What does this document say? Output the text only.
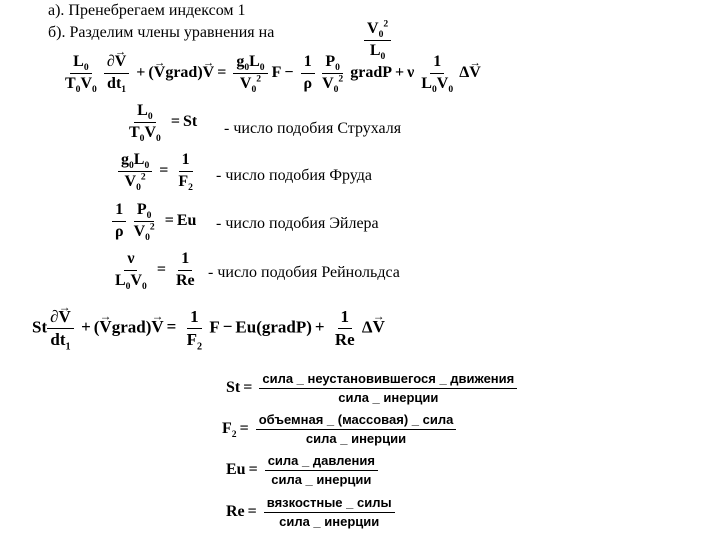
а). Пренебрегаем индексом 1
б). Разделим члены уравнения на	$\frac{V_0^2}{L_0}$
$\frac{L_0}{T_0V_0}$
$\frac{\partial\to V}{dt_1}$ + (→ Vgrad)→ $V = \frac{g_0L_0}{V_0^2}$ $F - \frac{1}{\rho}$
$\frac{P_0}{V_0^2}$ gradP + ν $\frac{1}{L_0V_0} \Delta\to V$
$\frac{L_0}{T_0V_0} = St$ - число подобия Струхаля
$\frac{g_0L_0}{V_0^2} = \frac{1}{F_2}$ - число подобия Фруда
$\frac{1}{\rho}$
$\frac{P_0}{V_0^2} = Eu$ - число подобия Эйлера
$\frac{\nu}{L_0V_0} = \frac{1}{Re}$ - число подобия Рейнольдса
St $\frac{\partial\to V}{dt_1}$ + (→ Vgrad)→ $V = \frac{1}{F_2}$ F − Eu(gradP) + $\frac{1}{Re} \Delta\to V$
$St = \frac{\text{сила \_ неустановившегося \_ движения}}{\text{сила \_ инерции}}$
$F_2 = \frac{\text{объемная \_ (массовая) \_ сила}}{\text{сила \_ инерции}}$
$Eu = \frac{\text{сила \_ давления}}{\text{сила \_ инерции}}$
$Re = \frac{\text{вязкостные \_ силы}}{\text{сила \_ инерции}}$
